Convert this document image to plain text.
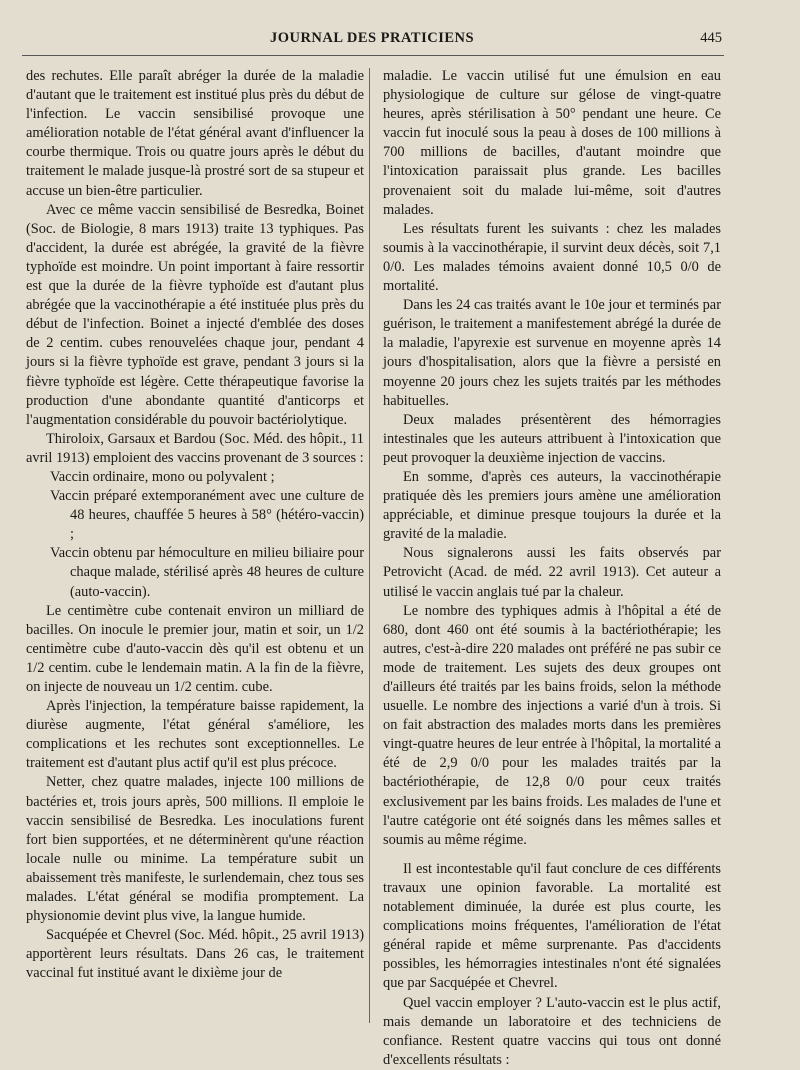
JOURNAL DES PRATICIENS	445

des rechutes. Elle paraît abréger la durée de la maladie d'autant que le traitement est institué plus près du début de l'infection. Le vaccin sensibilisé provoque une amélioration notable de l'état général avant d'influencer la courbe thermique. Trois ou quatre jours après le début du traitement le malade jusque-là prostré sort de sa stupeur et accuse un bien-être particulier.

Avec ce même vaccin sensibilisé de Besredka, Boinet (Soc. de Biologie, 8 mars 1913) traite 13 typhiques. Pas d'accident, la durée est abrégée, la gravité de la fièvre typhoïde est moindre. Un point important à faire ressortir est que la durée de la fièvre typhoïde est d'autant plus abrégée que la vaccinothérapie a été instituée plus près du début de l'infection. Boinet a injecté d'emblée des doses de 2 centim. cubes renouvelées chaque jour, pendant 4 jours si la fièvre typhoïde est grave, pendant 3 jours si la fièvre typhoïde est légère. Cette thérapeutique favorise la production d'une abondante quantité d'anticorps et l'augmentation considérable du pouvoir bactériolytique.

Thiroloix, Garsaux et Bardou (Soc. Méd. des hôpit., 11 avril 1913) emploient des vaccins provenant de 3 sources :

Vaccin ordinaire, mono ou polyvalent ;
Vaccin préparé extemporanément avec une culture de 48 heures, chauffée 5 heures à 58° (hétéro-vaccin) ;
Vaccin obtenu par hémoculture en milieu biliaire pour chaque malade, stérilisé après 48 heures de culture (auto-vaccin).

Le centimètre cube contenait environ un milliard de bacilles. On inocule le premier jour, matin et soir, un 1/2 centimètre cube d'auto-vaccin dès qu'il est obtenu et un 1/2 centim. cube le lendemain matin. A la fin de la fièvre, on injecte de nouveau un 1/2 centim. cube.

Après l'injection, la température baisse rapidement, la diurèse augmente, l'état général s'améliore, les complications et les rechutes sont exceptionnelles. Le traitement est d'autant plus actif qu'il est plus précoce.

Netter, chez quatre malades, injecte 100 millions de bactéries et, trois jours après, 500 millions. Il emploie le vaccin sensibilisé de Besredka. Les inoculations furent fort bien supportées, et ne déterminèrent qu'une réaction locale nulle ou minime. La température subit un abaissement très manifeste, le surlendemain, chez tous ses malades. L'état général se modifia promptement. La physionomie devint plus vive, la langue humide.

Sacquépée et Chevrel (Soc. Méd. hôpit., 25 avril 1913) apportèrent leurs résultats. Dans 26 cas, le traitement vaccinal fut institué avant le dixième jour de

maladie. Le vaccin utilisé fut une émulsion en eau physiologique de culture sur gélose de vingt-quatre heures, après stérilisation à 50° pendant une heure. Ce vaccin fut inoculé sous la peau à doses de 100 millions à 700 millions de bacilles, d'autant moindre que l'intoxication paraissait plus grande. Les bacilles provenaient soit du malade lui-même, soit d'autres malades.

Les résultats furent les suivants : chez les malades soumis à la vaccinothérapie, il survint deux décès, soit 7,1 0/0. Les malades témoins avaient donné 10,5 0/0 de mortalité.

Dans les 24 cas traités avant le 10e jour et terminés par guérison, le traitement a manifestement abrégé la durée de la maladie, l'apyrexie est survenue en moyenne après 14 jours d'hospitalisation, alors que la fièvre a persisté en moyenne 20 jours chez les sujets traités par les méthodes habituelles.

Deux malades présentèrent des hémorragies intestinales que les auteurs attribuent à l'intoxication que peut provoquer la deuxième injection de vaccins.

En somme, d'après ces auteurs, la vaccinothérapie pratiquée dès les premiers jours amène une amélioration appréciable, et diminue presque toujours la durée et la gravité de la maladie.

Nous signalerons aussi les faits observés par Petrovicht (Acad. de méd. 22 avril 1913). Cet auteur a utilisé le vaccin anglais tué par la chaleur.

Le nombre des typhiques admis à l'hôpital a été de 680, dont 460 ont été soumis à la bactériothérapie; les autres, c'est-à-dire 220 malades ont préféré ne pas subir ce mode de traitement. Les sujets des deux groupes ont d'ailleurs été traités par les bains froids, selon la méthode usuelle. Le nombre des injections a varié d'un à trois. Si on fait abstraction des malades morts dans les premières vingt-quatre heures de leur entrée à l'hôpital, la mortalité a été de 2,9 0/0 pour les malades traités par la bactériothérapie, de 12,8 0/0 pour ceux traités exclusivement par les bains froids. Les malades de l'une et l'autre catégorie ont été soignés dans les mêmes salles et soumis au même régime.

Il est incontestable qu'il faut conclure de ces différents travaux une opinion favorable. La mortalité est notablement diminuée, la durée est plus courte, les complications moins fréquentes, l'amélioration de l'état général rapide et même surprenante. Pas d'accidents possibles, les hémorragies intestinales n'ont été signalées que par Sacquépée et Chevrel.

Quel vaccin employer ? L'auto-vaccin est le plus actif, mais demande un laboratoire et des techniciens de confiance. Restent quatre vaccins qui tous ont donné d'excellents résultats :
